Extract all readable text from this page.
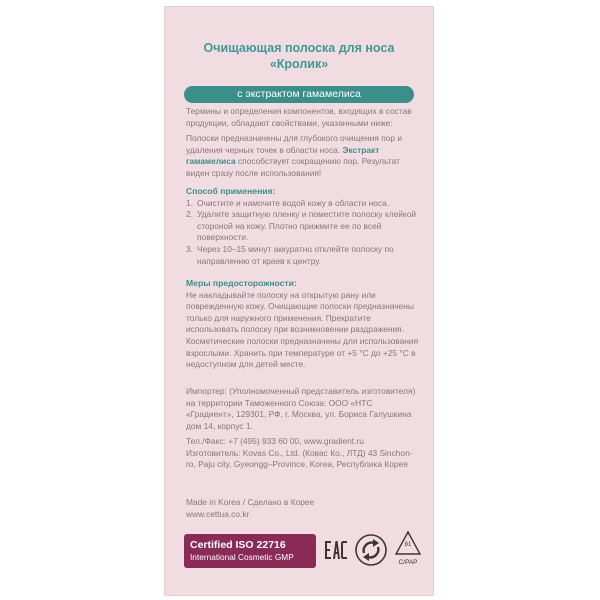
Очищающая полоска для носа
«Кролик»
с экстрактом гамамелиса
Термины и определения компонентов, входящих в состав продукции, обладают свойствами, указанными ниже:
Полоски предназначены для глубокого очищения пор и удаления черных точек в области носа. Экстракт гамамелиса способствует сокращению пор. Результат виден сразу после использования!
Способ применения:
1. Очистите и намочите водой кожу в области носа.
2. Удалите защитную пленку и поместите полоску клейкой стороной на кожу. Плотно прижмите ее по всей поверхности.
3. Через 10–15 минут аккуратно отклейте полоску по направлению от краев к центру.
Меры предосторожности:
Не накладывайте полоску на открытую рану или поврежденную кожу. Очищающие полоски предназначены только для наружного применения. Прекратите использовать полоску при возникновении раздражения. Косметические полоски предназначены для использования взрослыми. Хранить при температуре от +5 °С до +25 °С в недоступном для детей месте.
Импортер: (Уполномоченный представитель изготовителя) на территории Таможенного Союза: ООО «НТС «Градиент», 129301, РФ, г. Москва, ул. Бориса Галушкина дом 14, корпус 1.
Тел./Факс: +7 (495) 933 60 00, www.gradient.ru
Изготовитель: Kovas Co., Ltd. (Ковас Ко., ЛТД) 43 Sinchon-ro, Paju city, Gyeongg–Province, Korea, Республика Корея
Made in Korea / Сделано в Корее
www.cettua.co.kr
Certified ISO 22716
International Cosmetic GMP
81
C/PAP
